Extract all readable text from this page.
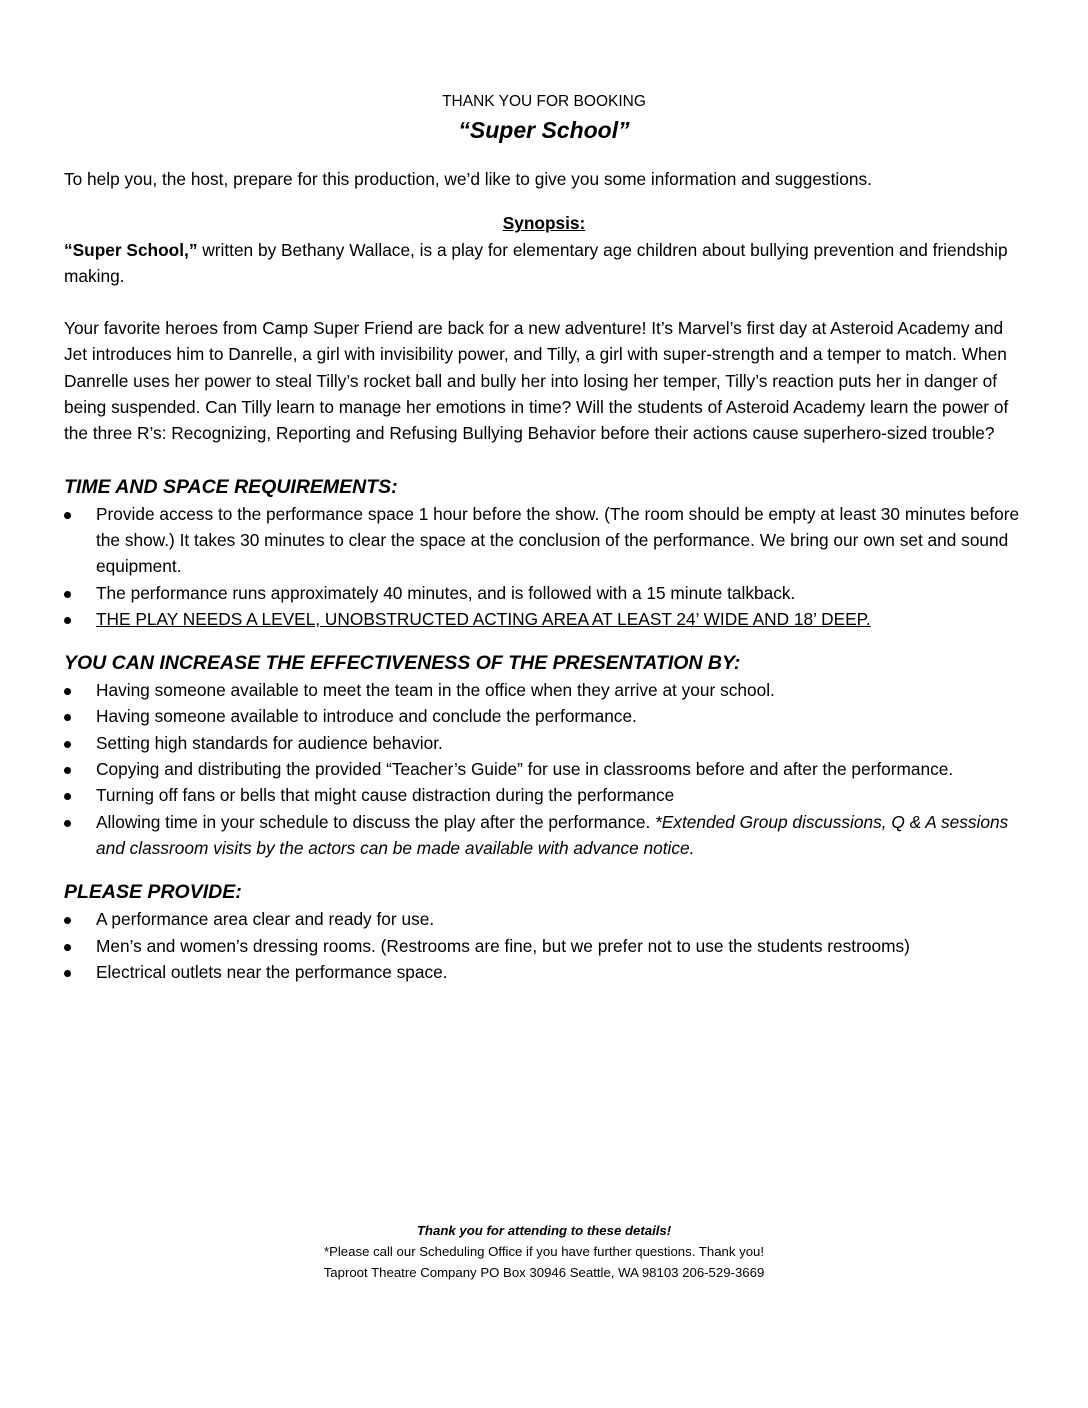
THANK YOU FOR BOOKING

“Super School”

To help you, the host, prepare for this production, we’d like to give you some information and suggestions.

Synopsis:

“Super School,” written by Bethany Wallace, is a play for elementary age children about bullying prevention and friendship making.

Your favorite heroes from Camp Super Friend are back for a new adventure! It’s Marvel’s first day at Asteroid Academy and Jet introduces him to Danrelle, a girl with invisibility power, and Tilly, a girl with super-strength and a temper to match. When Danrelle uses her power to steal Tilly’s rocket ball and bully her into losing her temper, Tilly’s reaction puts her in danger of being suspended. Can Tilly learn to manage her emotions in time? Will the students of Asteroid Academy learn the power of the three R’s: Recognizing, Reporting and Refusing Bullying Behavior before their actions cause superhero-sized trouble?

TIME AND SPACE REQUIREMENTS:
Provide access to the performance space 1 hour before the show. (The room should be empty at least 30 minutes before the show.) It takes 30 minutes to clear the space at the conclusion of the performance. We bring our own set and sound equipment.
The performance runs approximately 40 minutes, and is followed with a 15 minute talkback.
THE PLAY NEEDS A LEVEL, UNOBSTRUCTED ACTING AREA AT LEAST 24’ WIDE AND 18’ DEEP.
YOU CAN INCREASE THE EFFECTIVENESS OF THE PRESENTATION BY:
Having someone available to meet the team in the office when they arrive at your school.
Having someone available to introduce and conclude the performance.
Setting high standards for audience behavior.
Copying and distributing the provided “Teacher’s Guide” for use in classrooms before and after the performance.
Turning off fans or bells that might cause distraction during the performance
Allowing time in your schedule to discuss the play after the performance. *Extended Group discussions, Q & A sessions and classroom visits by the actors can be made available with advance notice.
PLEASE PROVIDE:
A performance area clear and ready for use.
Men’s and women’s dressing rooms. (Restrooms are fine, but we prefer not to use the students restrooms)
Electrical outlets near the performance space.
Thank you for attending to these details!
*Please call our Scheduling Office if you have further questions. Thank you!
Taproot Theatre Company PO Box 30946 Seattle, WA 98103 206-529-3669
